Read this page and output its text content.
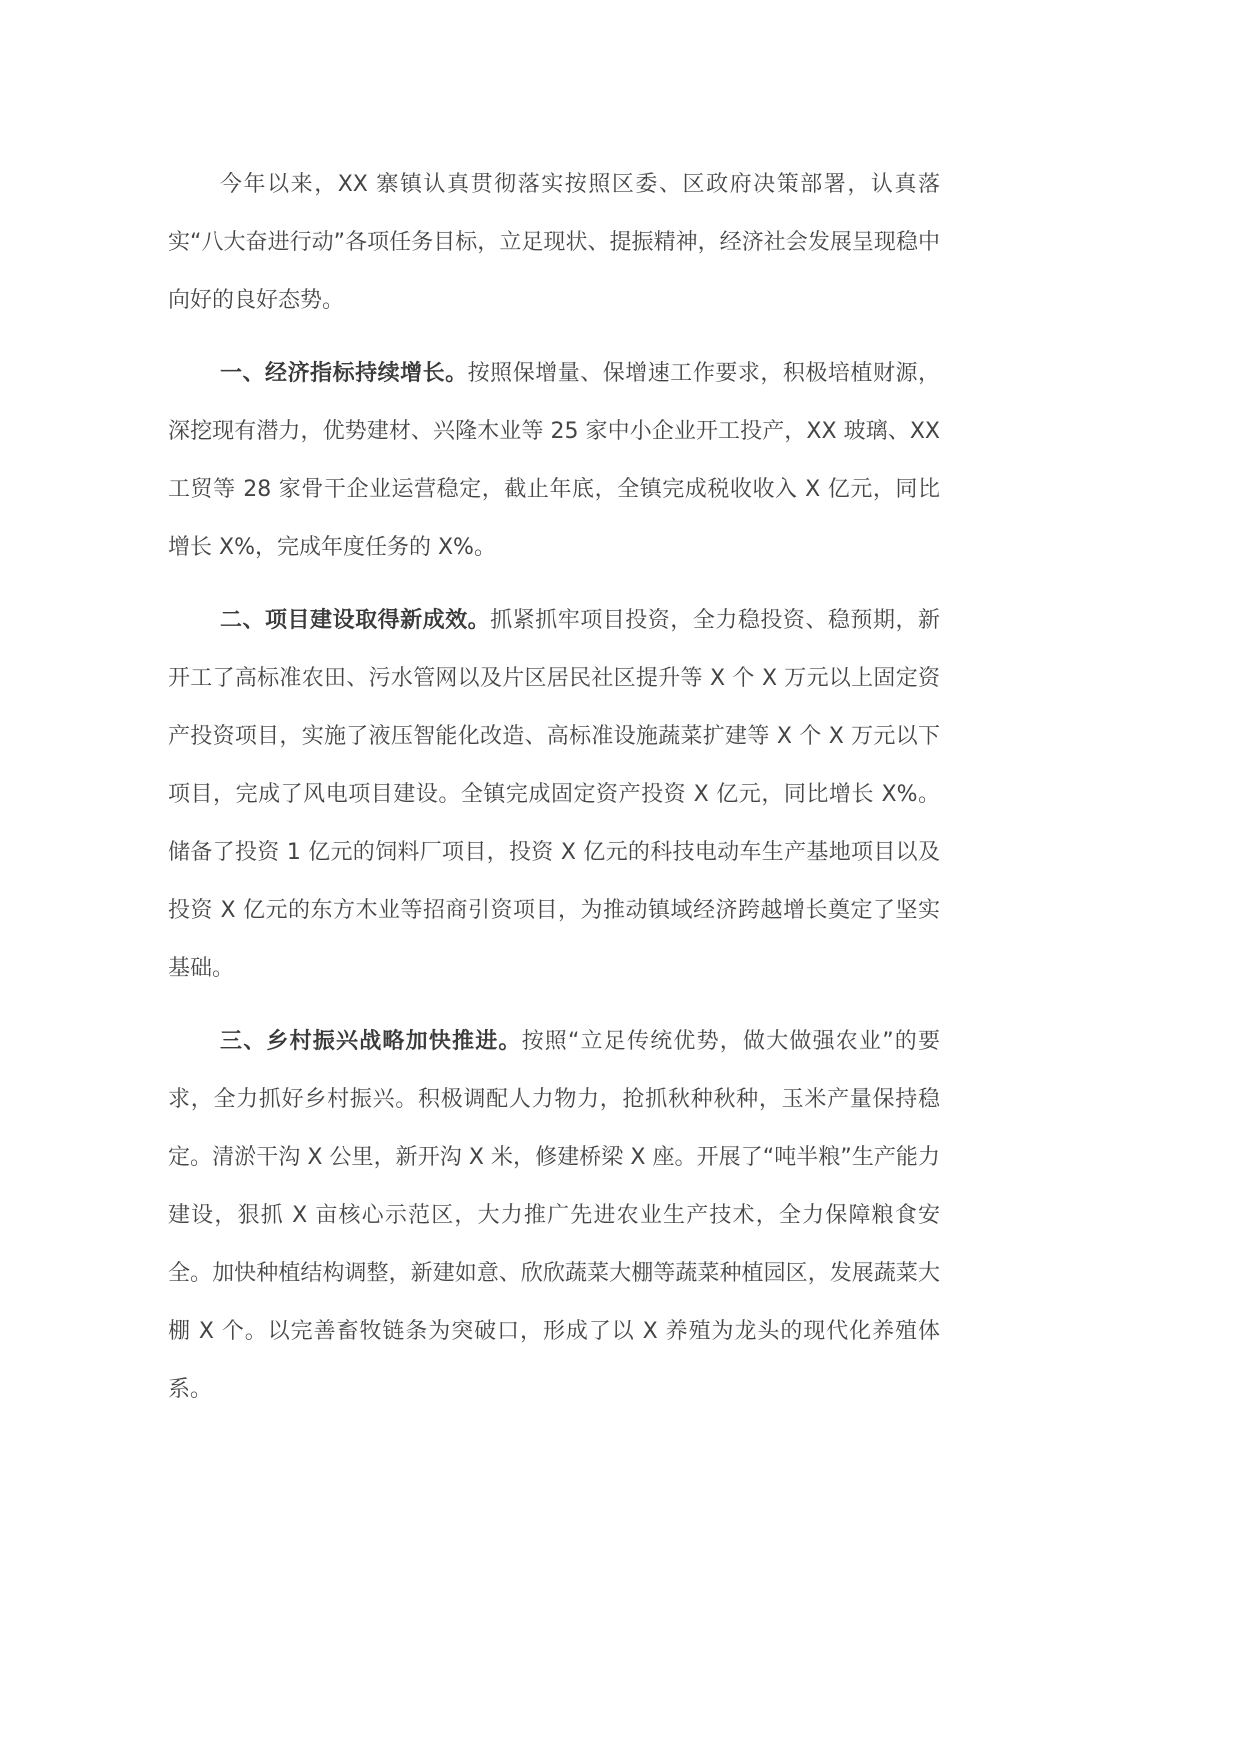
今年以来，XX 寨镇认真贯彻落实按照区委、区政府决策部署，认真落实“八大奋进行动”各项任务目标，立足现状、提振精神，经济社会发展呈现稳中向好的良好态势。

一、经济指标持续增长。按照保增量、保增速工作要求，积极培植财源，深挖现有潜力，优势建材、兴隆木业等 25 家中小企业开工投产，XX 玻璃、XX 工贸等 28 家骨干企业运营稳定，截止年底，全镇完成税收收入 X 亿元，同比增长 X%，完成年度任务的 X%。

二、项目建设取得新成效。抓紧抓牢项目投资，全力稳投资、稳预期，新开工了高标准农田、污水管网以及片区居民社区提升等 X 个 X 万元以上固定资产投资项目，实施了液压智能化改造、高标准设施蔬菜扩建等 X 个 X 万元以下项目，完成了风电项目建设。全镇完成固定资产投资 X 亿元，同比增长 X%。储备了投资 1 亿元的饲料厂项目，投资 X 亿元的科技电动车生产基地项目以及投资 X 亿元的东方木业等招商引资项目，为推动镇域经济跨越增长奠定了坚实基础。

三、乡村振兴战略加快推进。按照“立足传统优势，做大做强农业”的要求，全力抓好乡村振兴。积极调配人力物力，抢抓秋种秋种，玉米产量保持稳定。清淤干沟 X 公里，新开沟 X 米，修建桥梁 X 座。开展了“吨半粮”生产能力建设，狠抓 X 亩核心示范区，大力推广先进农业生产技术，全力保障粮食安全。加快种植结构调整，新建如意、欣欣蔬菜大棚等蔬菜种植园区，发展蔬菜大棚 X 个。以完善畜牧链条为突破口，形成了以 X 养殖为龙头的现代化养殖体系。
